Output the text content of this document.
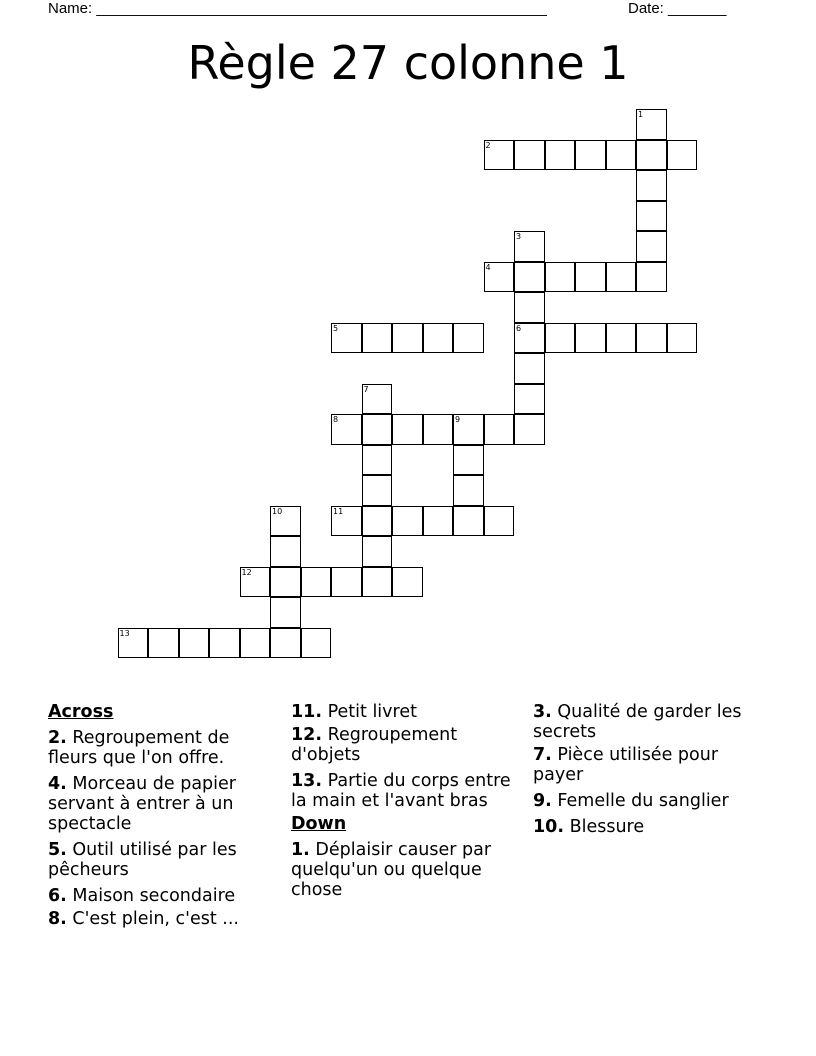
Name: ______________________________________________________	Date: _______
Règle 27 colonne 1
1
2
3
6
4
5
7
8	9
10	11
12
13
Across
2. Regroupement de fleurs que l'on offre.
4. Morceau de papier servant à entrer à un spectacle
5. Outil utilisé par les pêcheurs
6. Maison secondaire
8. C'est plein, c'est ...
11. Petit livret
12. Regroupement d'objets
13. Partie du corps entre la main et l'avant bras
Down
1. Déplaisir causer par quelqu'un ou quelque chose
3. Qualité de garder les secrets
7. Pièce utilisée pour payer
9. Femelle du sanglier
10. Blessure
